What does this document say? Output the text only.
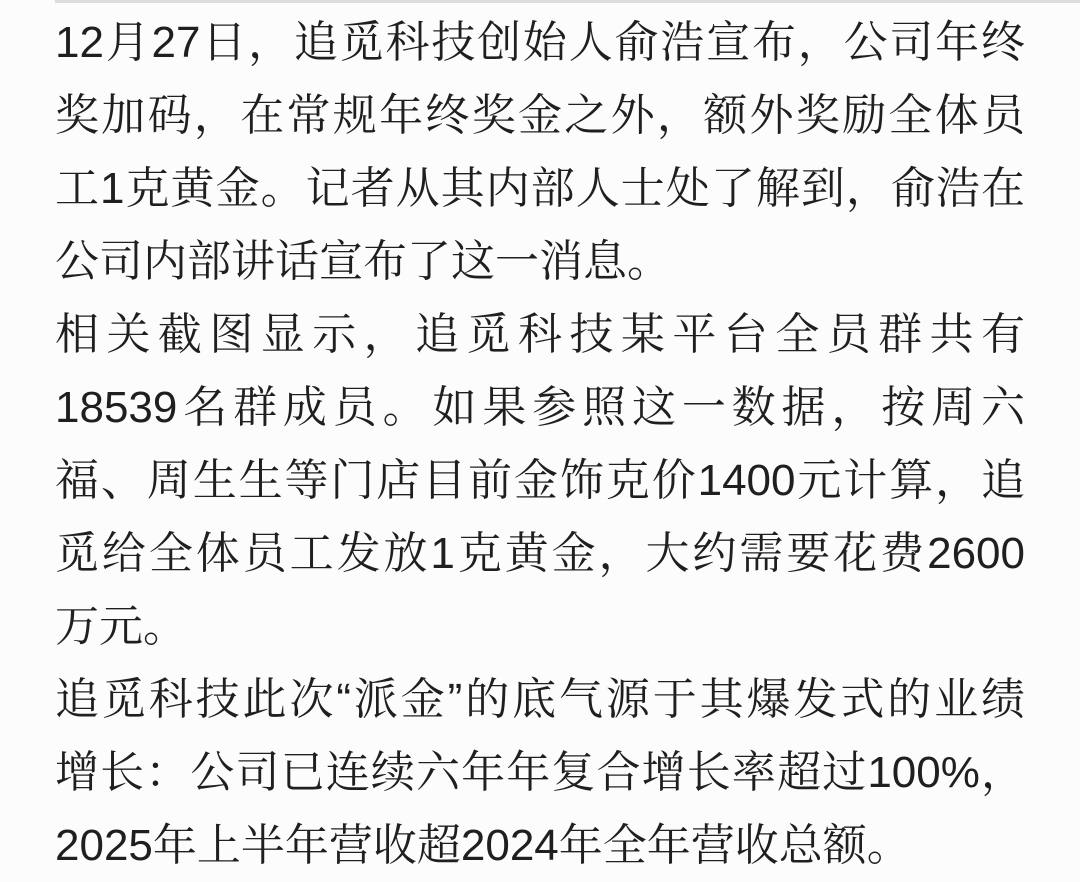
12月27日，追觅科技创始人俞浩宣布，公司年终
奖加码，在常规年终奖金之外，额外奖励全体员
工1克黄金。记者从其内部人士处了解到，俞浩在
公司内部讲话宣布了这一消息。
相关截图显示，追觅科技某平台全员群共有
18539名群成员。如果参照这一数据，按周六
福、周生生等门店目前金饰克价1400元计算，追
觅给全体员工发放1克黄金，大约需要花费2600
万元。
追觅科技此次“派金”的底气源于其爆发式的业绩
增长：公司已连续六年年复合增长率超过100%，
2025年上半年营收超2024年全年营收总额。
